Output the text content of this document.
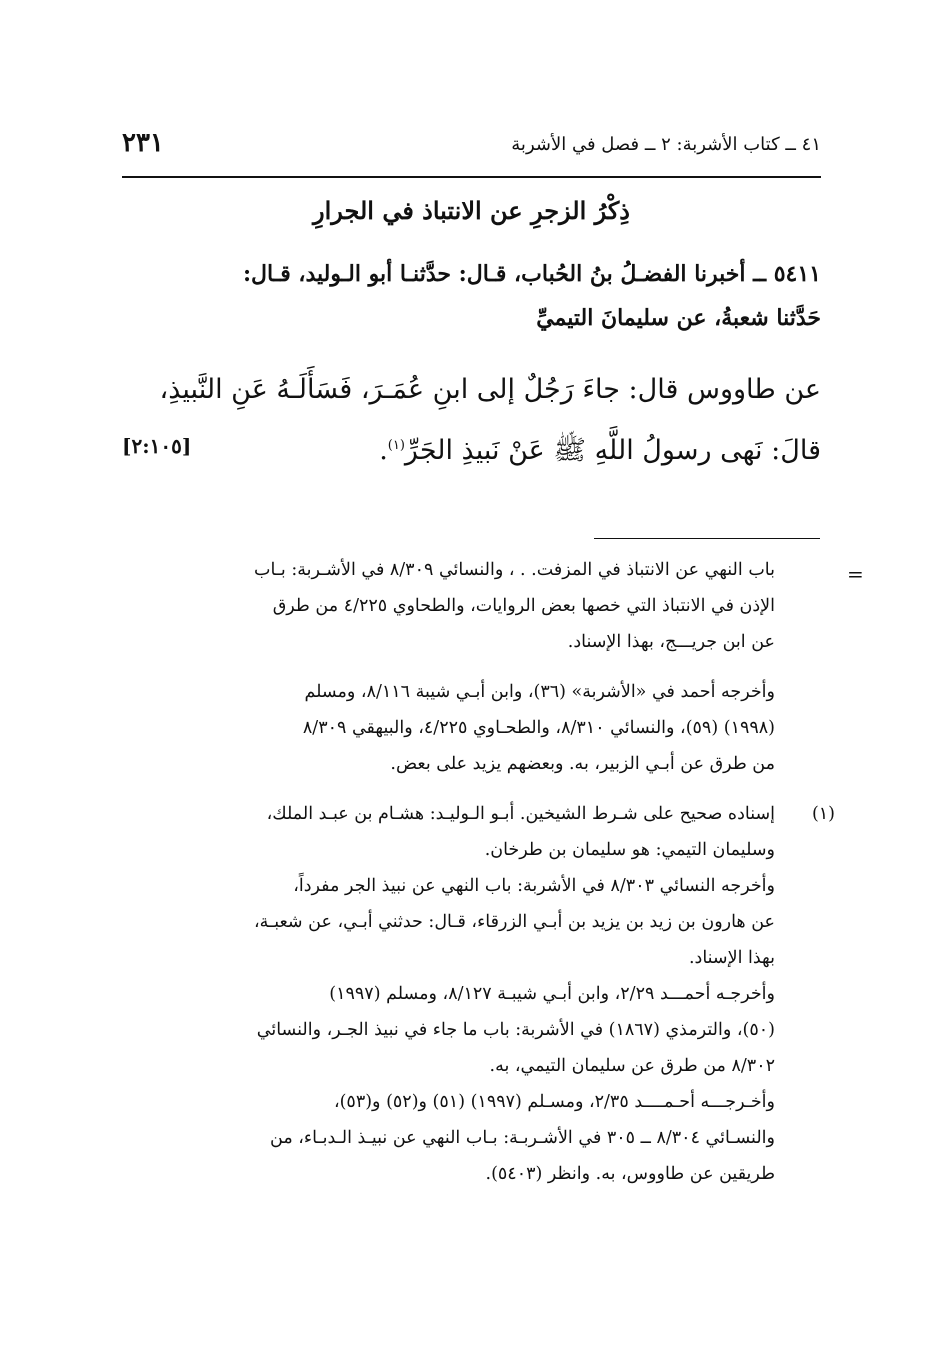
٤١ ــ كتاب الأشربة: ٢ ــ فصل في الأشربة
٢٣١
ذِكْرُ الزجرِ عن الانتباذ في الجرارِ
٥٤١١ ــ أخبرنا الفضـلُ بنُ الحُباب، قـال: حدَّثنـا أبو الـوليد، قـال:
حَدَّثنا شعبةُ، عن سليمانَ التيميِّ
عن طاووس قال: جاءَ رَجُلٌ إلى ابنِ عُمَـرَ، فَسَأَلَـهُ عَنِ النَّبيذِ،
قالَ: نَهى رسولُ اللَّهِ ﷺ عَنْ نَبيذِ الجَرِّ$^{(١)}$.
[٢:١٠٥]
=

باب النهي عن الانتباذ في المزفت. . ، والنسائي ٨/٣٠٩ في الأشـربة: بـاب

الإذن في الانتباذ التي خصها بعض الروايات، والطحاوي ٤/٢٢٥ من طرق

عن ابن جريـــج، بهذا الإسناد.

وأخرجه أحمد في «الأشربة» (٣٦)، وابن أبـي شيبة ٨/١١٦، ومسلم

(١٩٩٨) (٥٩)، والنسائي ٨/٣١٠، والطحـاوي ٤/٢٢٥، والبيهقي ٨/٣٠٩

من طرق عن أبـي الزبير، به. وبعضهم يزيد على بعض.

(١)

إسناده صحيح على شـرط الشيخين. أبـو الـوليـد: هشـام بن عبـد الملك،

وسليمان التيمي: هو سليمان بن طرخان.

وأخرجه النسائي ٨/٣٠٣ في الأشربة: باب النهي عن نبيذ الجر مفرداً،

عن هارون بن زيد بن يزيد بن أبـي الزرقاء، قـال: حدثني أبـي، عن شعبـة،

بهذا الإسناد.

وأخرجـه أحمـــد ٢/٢٩، وابن أبـي شيبـة ٨/١٢٧، ومسلم (١٩٩٧)

(٥٠)، والترمذي (١٨٦٧) في الأشربة: باب ما جاء في نبيذ الجـر، والنسائي

٨/٣٠٢ من طرق عن سليمان التيمي، به.

وأخـرجـــه أحـمــــد ٢/٣٥، ومسـلم (١٩٩٧) (٥١) و(٥٢) و(٥٣)،

والنسـائي ٨/٣٠٤ ــ ٣٠٥ في الأشـربـة: بـاب النهي عن نبيـذ الـدبـاء، من

طريقين عن طاووس، به. وانظر (٥٤٠٣).
